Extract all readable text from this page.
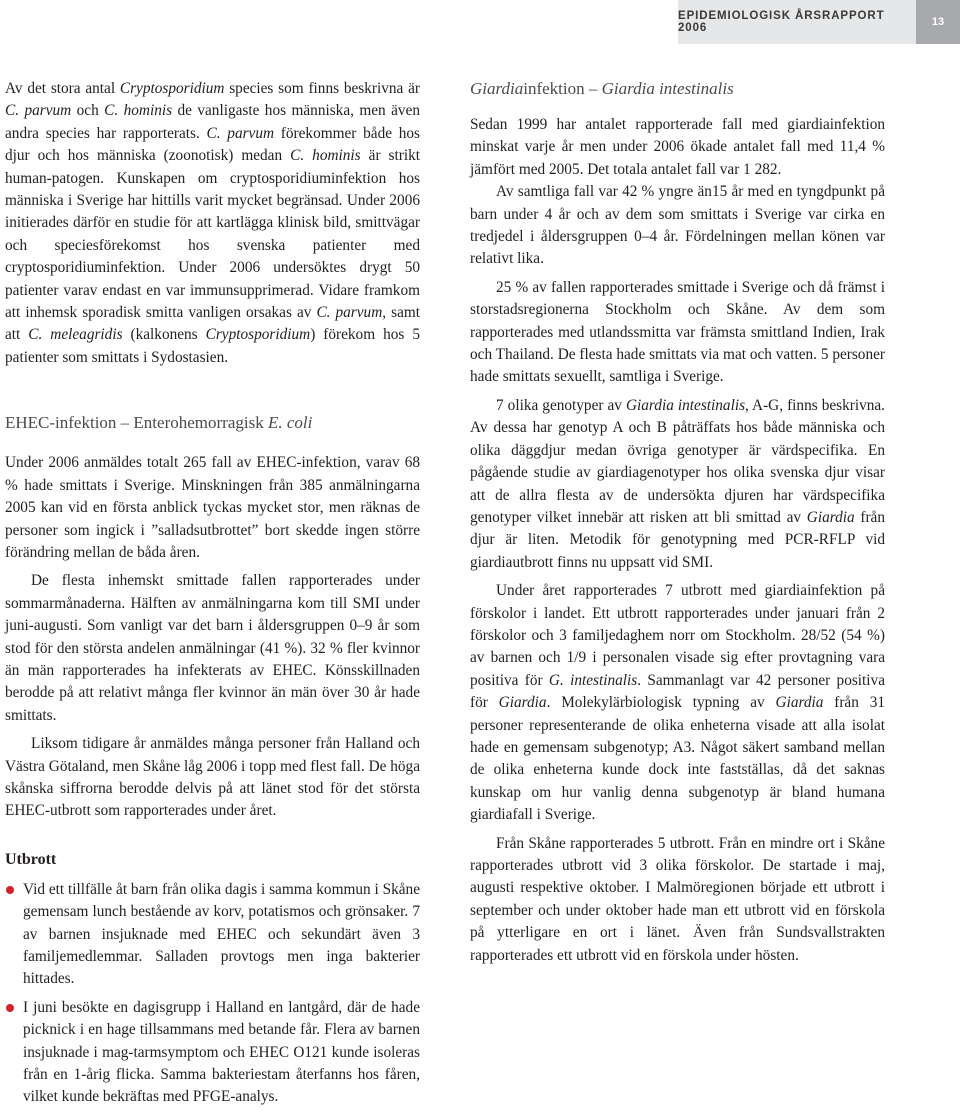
EPIDEMIOLOGISK ÅRSRAPPORT 2006	13

Av det stora antal Cryptosporidium species som finns beskrivna är C. parvum och C. hominis de vanligaste hos människa, men även andra species har rapporterats. C. parvum förekommer både hos djur och hos människa (zoonotisk) medan C. hominis är strikt human-patogen. Kunskapen om cryptosporidiuminfektion hos människa i Sverige har hittills varit mycket begränsad. Under 2006 initierades därför en studie för att kartlägga klinisk bild, smittvägar och speciesförekomst hos svenska patienter med cryptosporidiuminfektion. Under 2006 undersöktes drygt 50 patienter varav endast en var immunsupprimerad. Vidare framkom att inhemsk sporadisk smitta vanligen orsakas av C. parvum, samt att C. meleagridis (kalkonens Cryptosporidium) förekom hos 5 patienter som smittats i Sydostasien.

EHEC-infektion – Enterohemorragisk E. coli

Under 2006 anmäldes totalt 265 fall av EHEC-infektion, varav 68 % hade smittats i Sverige. Minskningen från 385 anmälningarna 2005 kan vid en första anblick tyckas mycket stor, men räknas de personer som ingick i ”salladsutbrottet” bort skedde ingen större förändring mellan de båda åren.

De flesta inhemskt smittade fallen rapporterades under sommarmånaderna. Hälften av anmälningarna kom till SMI under juni-augusti. Som vanligt var det barn i åldersgruppen 0–9 år som stod för den största andelen anmälningar (41 %). 32 % fler kvinnor än män rapporterades ha infekterats av EHEC. Könsskillnaden berodde på att relativt många fler kvinnor än män över 30 år hade smittats.

Liksom tidigare år anmäldes många personer från Halland och Västra Götaland, men Skåne låg 2006 i topp med flest fall. De höga skånska siffrorna berodde delvis på att länet stod för det största EHEC-utbrott som rapporterades under året.

Utbrott

Vid ett tillfälle åt barn från olika dagis i samma kommun i Skåne gemensam lunch bestående av korv, potatismos och grönsaker. 7 av barnen insjuknade med EHEC och sekundärt även 3 familjemedlemmar. Salladen provtogs men inga bakterier hittades.

I juni besökte en dagisgrupp i Halland en lantgård, där de hade picknick i en hage tillsammans med betande får. Flera av barnen insjuknade i mag-tarmsymptom och EHEC O121 kunde isoleras från en 1-årig flicka. Samma bakteriestam återfanns hos fåren, vilket kunde bekräftas med PFGE-analys.

Giardiainfektion – Giardia intestinalis

Sedan 1999 har antalet rapporterade fall med giardiainfektion minskat varje år men under 2006 ökade antalet fall med 11,4 % jämfört med 2005. Det totala antalet fall var 1 282.

Av samtliga fall var 42 % yngre än15 år med en tyngdpunkt på barn under 4 år och av dem som smittats i Sverige var cirka en tredjedel i åldersgruppen 0–4 år. Fördelningen mellan könen var relativt lika.

25 % av fallen rapporterades smittade i Sverige och då främst i storstadsregionerna Stockholm och Skåne. Av dem som rapporterades med utlandssmitta var främsta smittland Indien, Irak och Thailand. De flesta hade smittats via mat och vatten. 5 personer hade smittats sexuellt, samtliga i Sverige.

7 olika genotyper av Giardia intestinalis, A-G, finns beskrivna. Av dessa har genotyp A och B påträffats hos både människa och olika däggdjur medan övriga genotyper är värdspecifika. En pågående studie av giardiagenotyper hos olika svenska djur visar att de allra flesta av de undersökta djuren har värdspecifika genotyper vilket innebär att risken att bli smittad av Giardia från djur är liten. Metodik för genotypning med PCR-RFLP vid giardiautbrott finns nu uppsatt vid SMI.

Under året rapporterades 7 utbrott med giardiainfektion på förskolor i landet. Ett utbrott rapporterades under januari från 2 förskolor och 3 familjedaghem norr om Stockholm. 28/52 (54 %) av barnen och 1/9 i personalen visade sig efter provtagning vara positiva för G. intestinalis. Sammanlagt var 42 personer positiva för Giardia. Molekylärbiologisk typning av Giardia från 31 personer representerande de olika enheterna visade att alla isolat hade en gemensam subgenotyp; A3. Något säkert samband mellan de olika enheterna kunde dock inte fastställas, då det saknas kunskap om hur vanlig denna subgenotyp är bland humana giardiafall i Sverige.

Från Skåne rapporterades 5 utbrott. Från en mindre ort i Skåne rapporterades utbrott vid 3 olika förskolor. De startade i maj, augusti respektive oktober. I Malmöregionen började ett utbrott i september och under oktober hade man ett utbrott vid en förskola på ytterligare en ort i länet. Även från Sundsvallstrakten rapporterades ett utbrott vid en förskola under hösten.
